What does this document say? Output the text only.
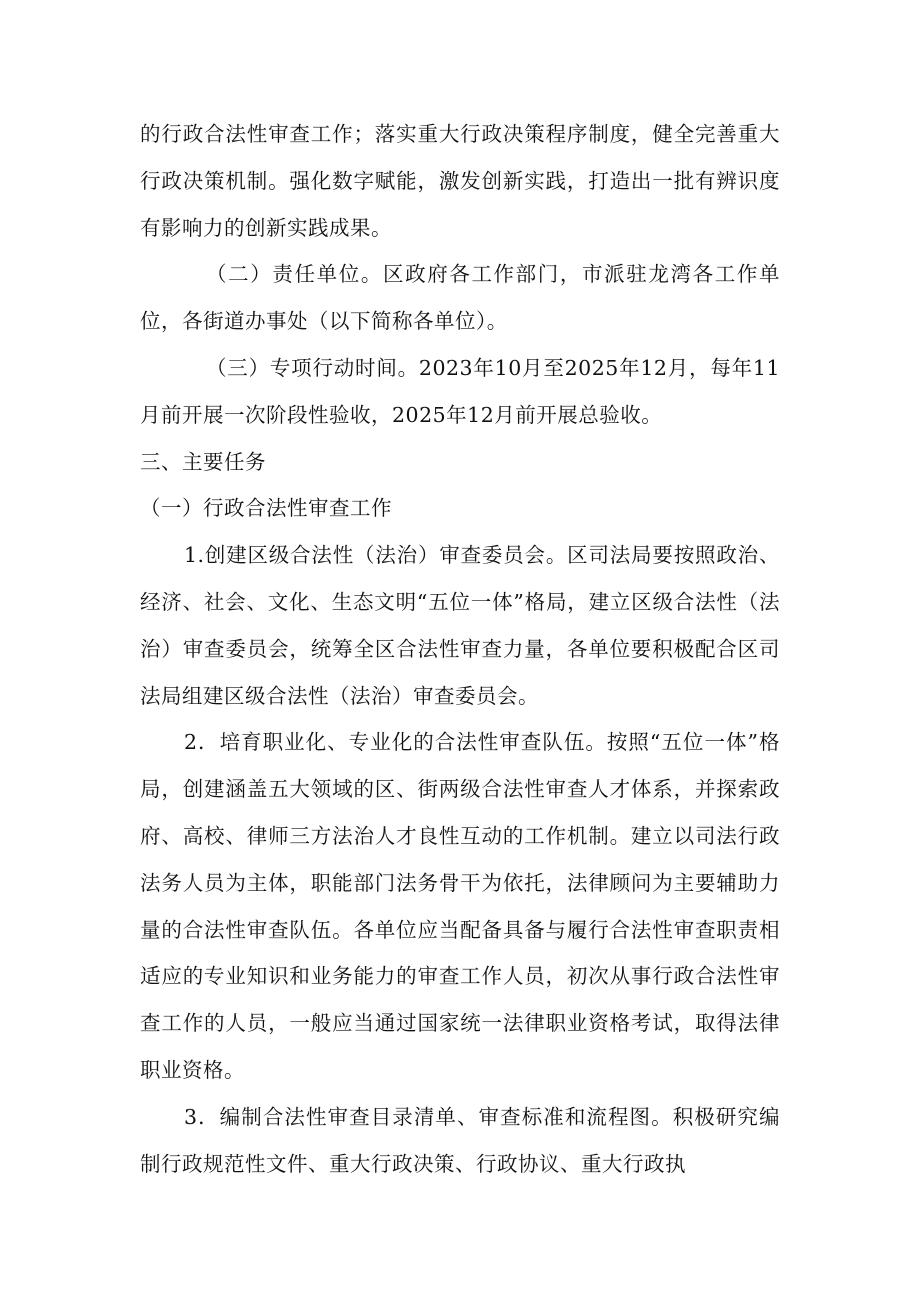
的行政合法性审查工作；落实重大行政决策程序制度，健全完善重大行政决策机制。强化数字赋能，激发创新实践，打造出一批有辨识度有影响力的创新实践成果。

（二）责任单位。区政府各工作部门，市派驻龙湾各工作单位，各街道办事处（以下简称各单位）。

（三）专项行动时间。2023年10月至2025年12月，每年11月前开展一次阶段性验收，2025年12月前开展总验收。

三、主要任务

（一）行政合法性审查工作

1.创建区级合法性（法治）审查委员会。区司法局要按照政治、经济、社会、文化、生态文明“五位一体”格局，建立区级合法性（法治）审查委员会，统筹全区合法性审查力量，各单位要积极配合区司法局组建区级合法性（法治）审查委员会。

2．培育职业化、专业化的合法性审查队伍。按照“五位一体”格局，创建涵盖五大领域的区、街两级合法性审查人才体系，并探索政府、高校、律师三方法治人才良性互动的工作机制。建立以司法行政法务人员为主体，职能部门法务骨干为依托，法律顾问为主要辅助力量的合法性审查队伍。各单位应当配备具备与履行合法性审查职责相适应的专业知识和业务能力的审查工作人员，初次从事行政合法性审查工作的人员，一般应当通过国家统一法律职业资格考试，取得法律职业资格。

3．编制合法性审查目录清单、审查标准和流程图。积极研究编制行政规范性文件、重大行政决策、行政协议、重大行政执
